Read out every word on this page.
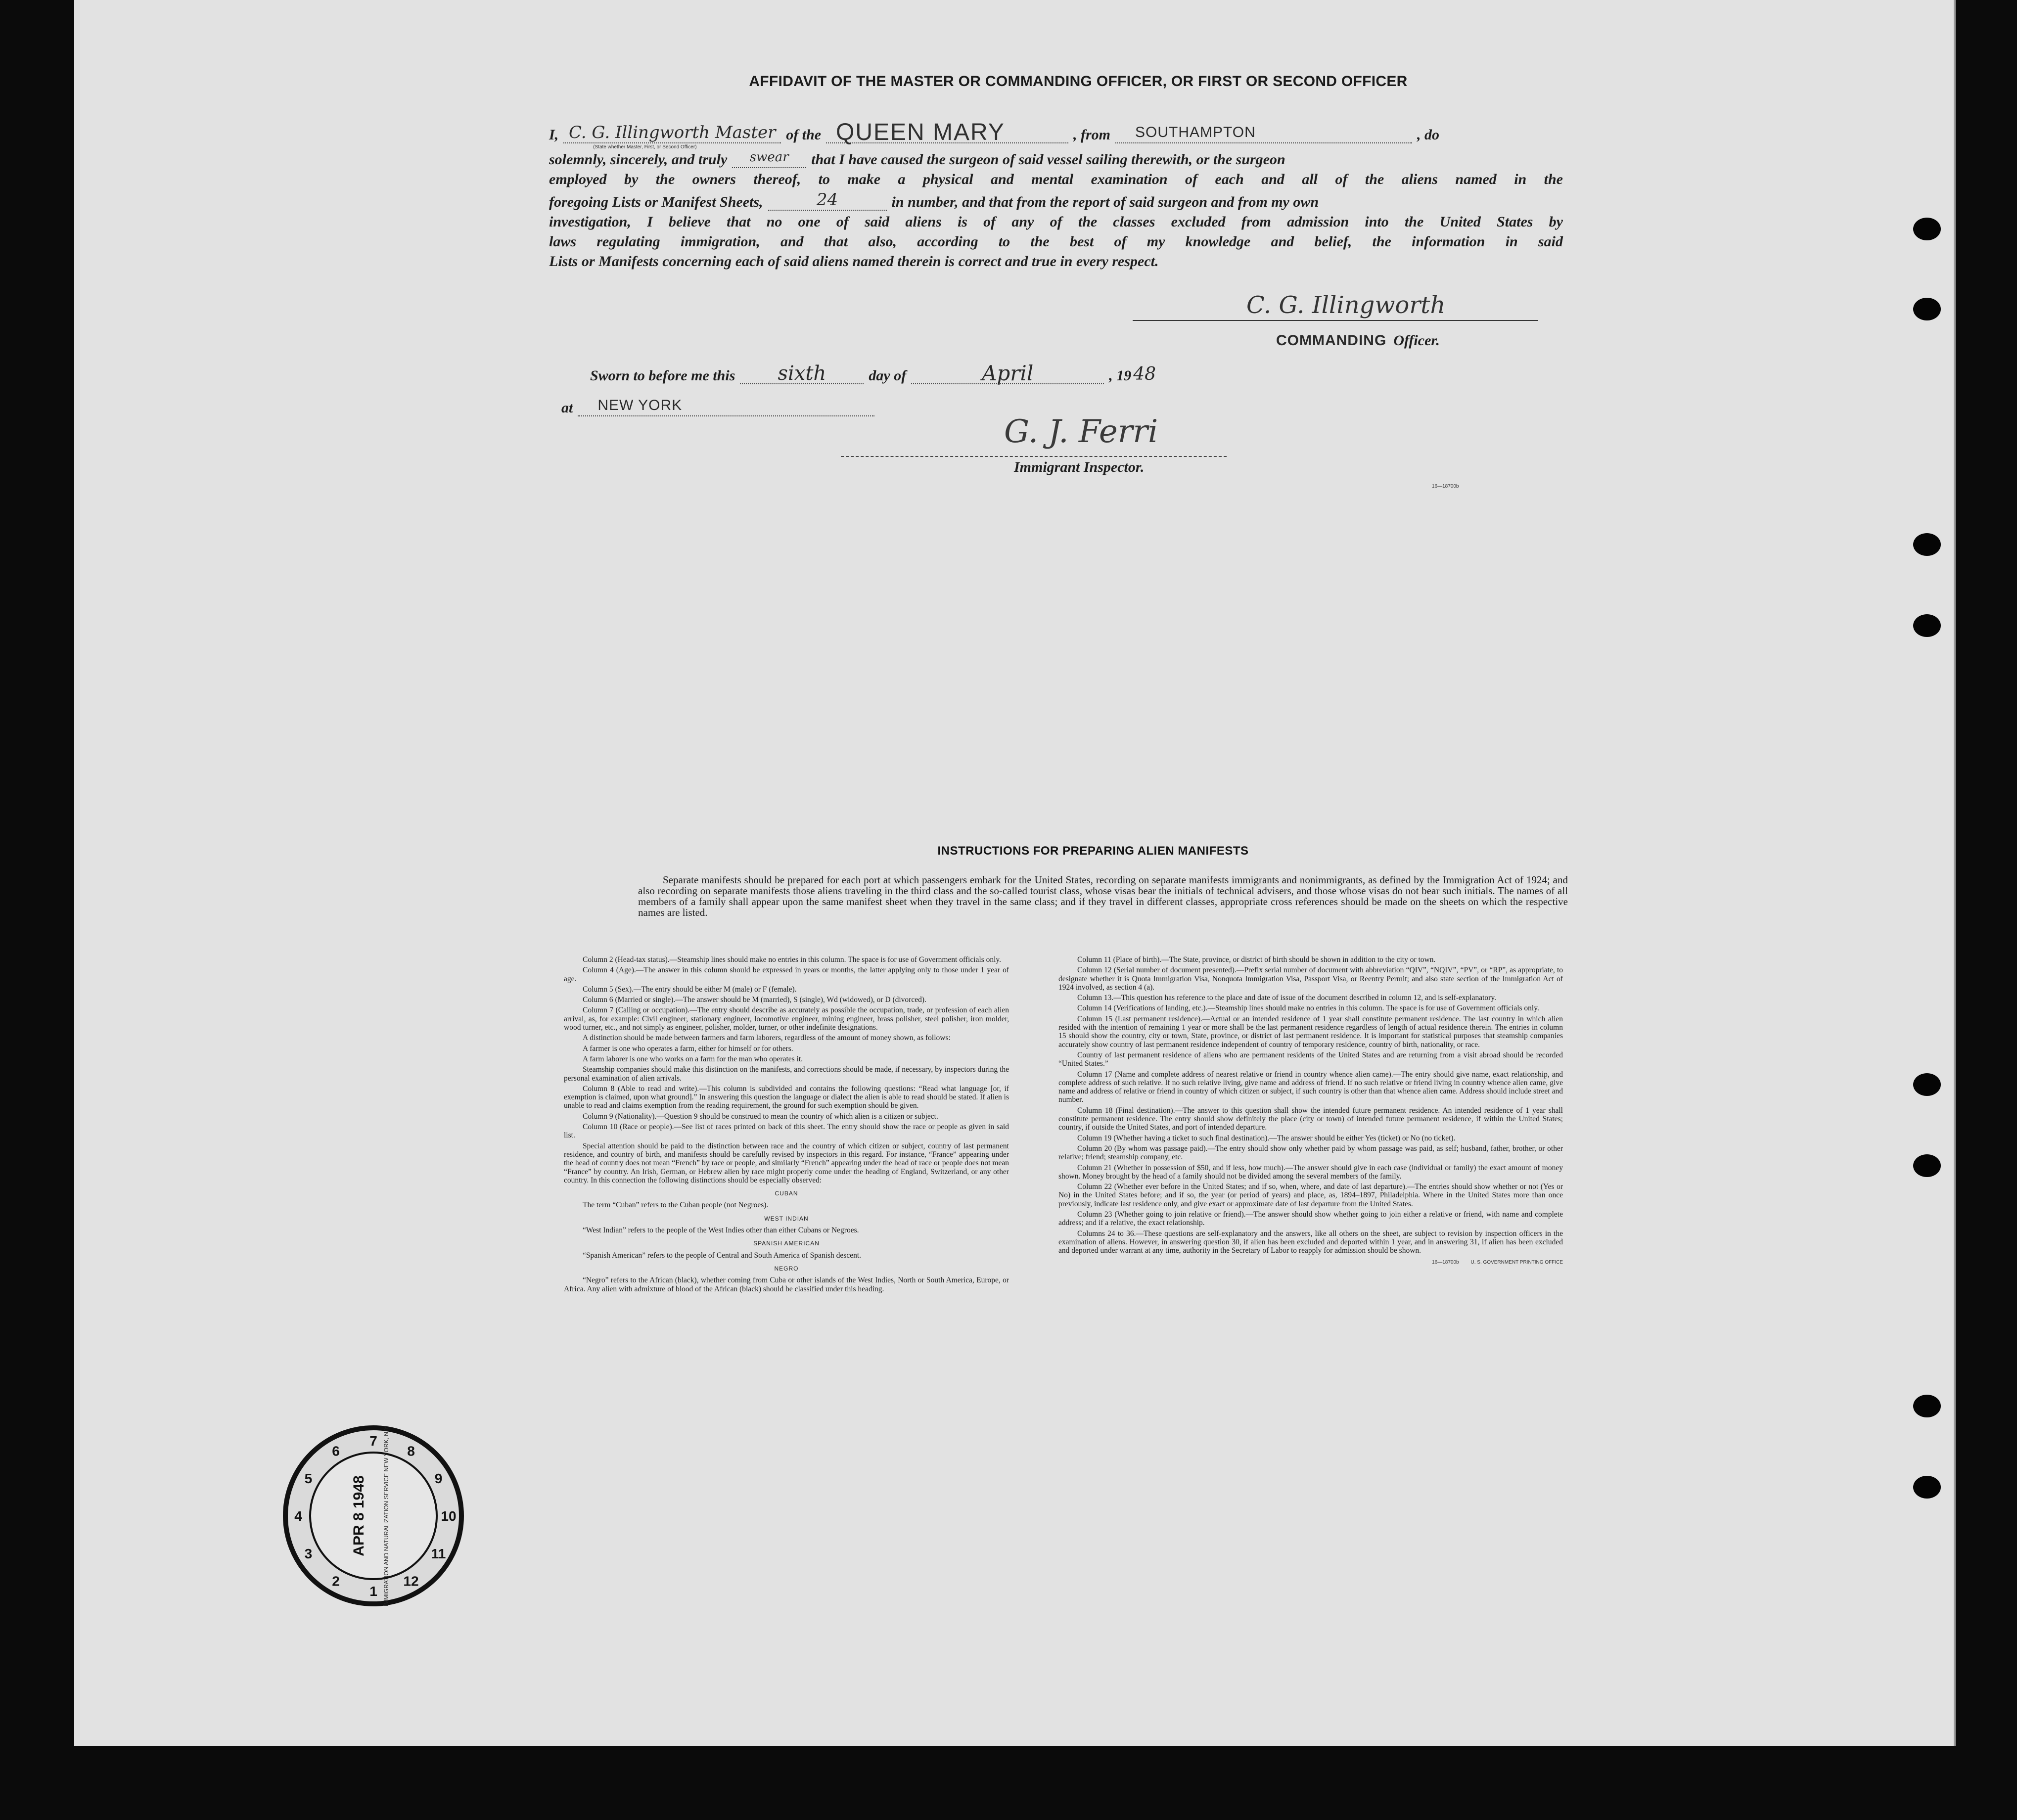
AFFIDAVIT OF THE MASTER OR COMMANDING OFFICER, OR FIRST OR SECOND OFFICER
I, C. G. Illingworth Master
(State whether Master, First, or Second Officer)
of the QUEEN MARY	, from	SOUTHAMPTON	, do
solemnly, sincerely, and truly	swear	that I have caused the surgeon of said vessel sailing therewith, or the surgeon
employed by the owners thereof, to make a physical and mental examination of each and all of the aliens named in the
foregoing Lists or Manifest Sheets,	24	in number, and that from the report of said surgeon and from my own
investigation, I believe that no one of said aliens is of any of the classes excluded from admission into the United States by
laws regulating immigration, and that also, according to the best of my knowledge and belief, the information in said
Lists or Manifests concerning each of said aliens named therein is correct and true in every respect.
C. G. Illingworth
COMMANDING Officer.
Sworn to before me this	sixth	day of	April	, 19 48
at	NEW YORK
G. J. Ferri
Immigrant Inspector.
16—18700b
INSTRUCTIONS FOR PREPARING ALIEN MANIFESTS
Separate manifests should be prepared for each port at which passengers embark for the United States, recording on separate manifests immigrants and nonimmigrants, as defined by the Immigration Act of 1924; and also recording on separate manifests those aliens traveling in the third class and the so-called tourist class, whose visas bear the initials of technical advisers, and those whose visas do not bear such initials. The names of all members of a family shall appear upon the same manifest sheet when they travel in the same class; and if they travel in different classes, appropriate cross references should be made on the sheets on which the respective names are listed.

Column 2 (Head-tax status).—Steamship lines should make no entries in this column. The space is for use of Government officials only.

Column 4 (Age).—The answer in this column should be expressed in years or months, the latter applying only to those under 1 year of age.

Column 5 (Sex).—The entry should be either M (male) or F (female).

Column 6 (Married or single).—The answer should be M (married), S (single), Wd (widowed), or D (divorced).

Column 7 (Calling or occupation).—The entry should describe as accurately as possible the occupation, trade, or profession of each alien arrival, as, for example: Civil engineer, stationary engineer, locomotive engineer, mining engineer, brass polisher, steel polisher, iron molder, wood turner, etc., and not simply as engineer, polisher, molder, turner, or other indefinite designations.

A distinction should be made between farmers and farm laborers, regardless of the amount of money shown, as follows:

A farmer is one who operates a farm, either for himself or for others.

A farm laborer is one who works on a farm for the man who operates it.

Steamship companies should make this distinction on the manifests, and corrections should be made, if necessary, by inspectors during the personal examination of alien arrivals.

Column 8 (Able to read and write).—This column is subdivided and contains the following questions: “Read what language [or, if exemption is claimed, upon what ground].” In answering this question the language or dialect the alien is able to read should be stated. If alien is unable to read and claims exemption from the reading requirement, the ground for such exemption should be given.

Column 9 (Nationality).—Question 9 should be construed to mean the country of which alien is a citizen or subject.

Column 10 (Race or people).—See list of races printed on back of this sheet. The entry should show the race or people as given in said list.

Special attention should be paid to the distinction between race and the country of which citizen or subject, country of last permanent residence, and country of birth, and manifests should be carefully revised by inspectors in this regard. For instance, “France” appearing under the head of country does not mean “French” by race or people, and similarly “French” appearing under the head of race or people does not mean “France” by country. An Irish, German, or Hebrew alien by race might properly come under the heading of England, Switzerland, or any other country. In this connection the following distinctions should be especially observed:

CUBAN

The term “Cuban” refers to the Cuban people (not Negroes).

WEST INDIAN

“West Indian” refers to the people of the West Indies other than either Cubans or Negroes.

SPANISH AMERICAN

“Spanish American” refers to the people of Central and South America of Spanish descent.

NEGRO

“Negro” refers to the African (black), whether coming from Cuba or other islands of the West Indies, North or South America, Europe, or Africa. Any alien with admixture of blood of the African (black) should be classified under this heading.

Column 11 (Place of birth).—The State, province, or district of birth should be shown in addition to the city or town.

Column 12 (Serial number of document presented).—Prefix serial number of document with abbreviation “QIV”, “NQIV”, “PV”, or “RP”, as appropriate, to designate whether it is Quota Immigration Visa, Nonquota Immigration Visa, Passport Visa, or Reentry Permit; and also state section of the Immigration Act of 1924 involved, as section 4 (a).

Column 13.—This question has reference to the place and date of issue of the document described in column 12, and is self-explanatory.

Column 14 (Verifications of landing, etc.).—Steamship lines should make no entries in this column. The space is for use of Government officials only.

Column 15 (Last permanent residence).—Actual or an intended residence of 1 year shall constitute permanent residence. The last country in which alien resided with the intention of remaining 1 year or more shall be the last permanent residence regardless of length of actual residence therein. The entries in column 15 should show the country, city or town, State, province, or district of last permanent residence. It is important for statistical purposes that steamship companies accurately show country of last permanent residence independent of country of temporary residence, country of birth, nationality, or race.

Country of last permanent residence of aliens who are permanent residents of the United States and are returning from a visit abroad should be recorded “United States.”

Column 17 (Name and complete address of nearest relative or friend in country whence alien came).—The entry should give name, exact relationship, and complete address of such relative. If no such relative living, give name and address of friend. If no such relative or friend living in country whence alien came, give name and address of relative or friend in country of which citizen or subject, if such country is other than that whence alien came. Address should include street and number.

Column 18 (Final destination).—The answer to this question shall show the intended future permanent residence. An intended residence of 1 year shall constitute permanent residence. The entry should show definitely the place (city or town) of intended future permanent residence, if within the United States; country, if outside the United States, and port of intended departure.

Column 19 (Whether having a ticket to such final destination).—The answer should be either Yes (ticket) or No (no ticket).

Column 20 (By whom was passage paid).—The entry should show only whether paid by whom passage was paid, as self; husband, father, brother, or other relative; friend; steamship company, etc.

Column 21 (Whether in possession of $50, and if less, how much).—The answer should give in each case (individual or family) the exact amount of money shown. Money brought by the head of a family should not be divided among the several members of the family.

Column 22 (Whether ever before in the United States; and if so, when, where, and date of last departure).—The entries should show whether or not (Yes or No) in the United States before; and if so, the year (or period of years) and place, as, 1894–1897, Philadelphia. Where in the United States more than once previously, indicate last residence only, and give exact or approximate date of last departure from the United States.

Column 23 (Whether going to join relative or friend).—The answer should show whether going to join either a relative or friend, with name and complete address; and if a relative, the exact relationship.

Columns 24 to 36.—These questions are self-explanatory and the answers, like all others on the sheet, are subject to revision by inspection officers in the examination of aliens. However, in answering question 30, if alien has been excluded and deported within 1 year, and in answering 31, if alien has been excluded and deported under warrant at any time, authority in the Secretary of Labor to reapply for admission should be shown.

16—18700b U. S. GOVERNMENT PRINTING OFFICE
1
2
3
4
5
6
7
8
9
10
11
12
APR 8 1948	IMMIGRATION AND NATURALIZATION SERVICE NEW YORK, N.Y.
